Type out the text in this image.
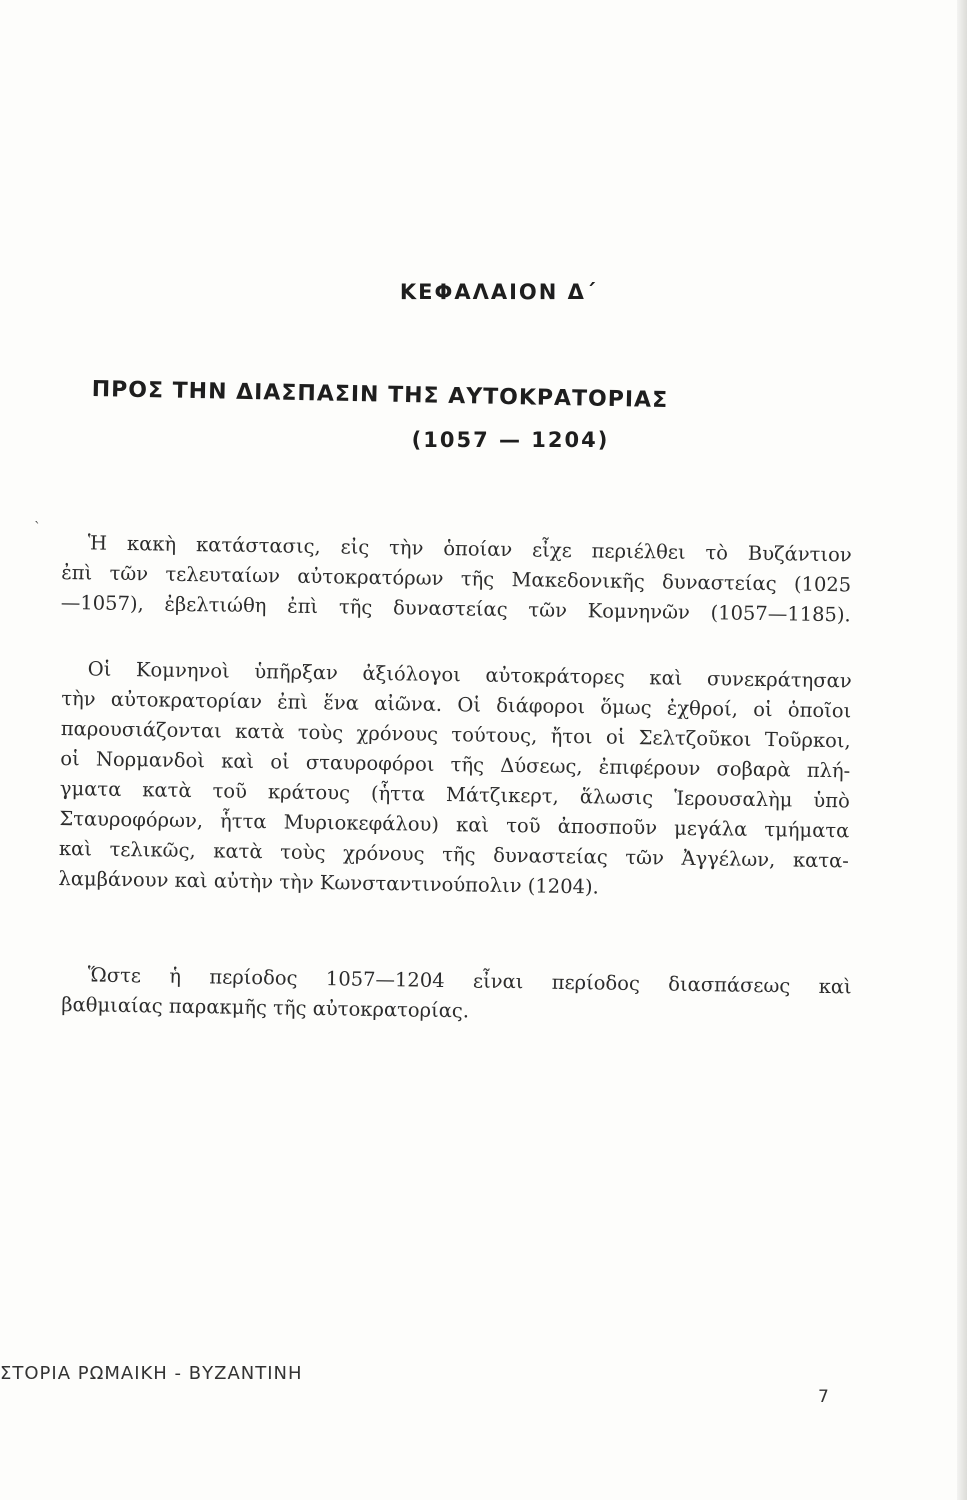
ΚΕΦΑΛΑΙΟΝ Δ΄
ΠΡΟΣ ΤΗΝ ΔΙΑΣΠΑΣΙΝ ΤΗΣ ΑΥΤΟΚΡΑΤΟΡΙΑΣ
(1057 — 1204)
`
Ἡ κακὴ κατάστασις, εἰς τὴν ὁποίαν εἶχε περιέλθει τὸ Βυζάντιον
ἐπὶ τῶν τελευταίων αὐτοκρατόρων τῆς Μακεδονικῆς δυναστείας (1025
—1057), ἐβελτιώθη ἐπὶ τῆς δυναστείας τῶν Κομνηνῶν (1057—1185).
Οἱ Κομνηνοὶ ὑπῆρξαν ἀξιόλογοι αὐτοκράτορες καὶ συνεκράτησαν
τὴν αὐτοκρατορίαν ἐπὶ ἕνα αἰῶνα. Οἱ διάφοροι ὅμως ἐχθροί, οἱ ὁποῖοι
παρουσιάζονται κατὰ τοὺς χρόνους τούτους, ἤτοι οἱ Σελτζοῦκοι Τοῦρκοι,
οἱ Νορμανδοὶ καὶ οἱ σταυροφόροι τῆς Δύσεως, ἐπιφέρουν σοβαρὰ πλή-
γματα κατὰ τοῦ κράτους (ἧττα Μάτζικερτ, ἅλωσις Ἱερουσαλὴμ ὑπὸ
Σταυροφόρων, ἧττα Μυριοκεφάλου) καὶ τοῦ ἀποσποῦν μεγάλα τμήματα
καὶ τελικῶς, κατὰ τοὺς χρόνους τῆς δυναστείας τῶν Ἀγγέλων, κατα-
λαμβάνουν καὶ αὐτὴν τὴν Κωνσταντινούπολιν (1204).
Ὥστε ἡ περίοδος 1057—1204 εἶναι περίοδος διασπάσεως καὶ
βαθμιαίας παρακμῆς τῆς αὐτοκρατορίας.
ΣΤΟΡΙΑ ΡΩΜΑΙΚΗ - ΒΥΖΑΝΤΙΝΗ
7
